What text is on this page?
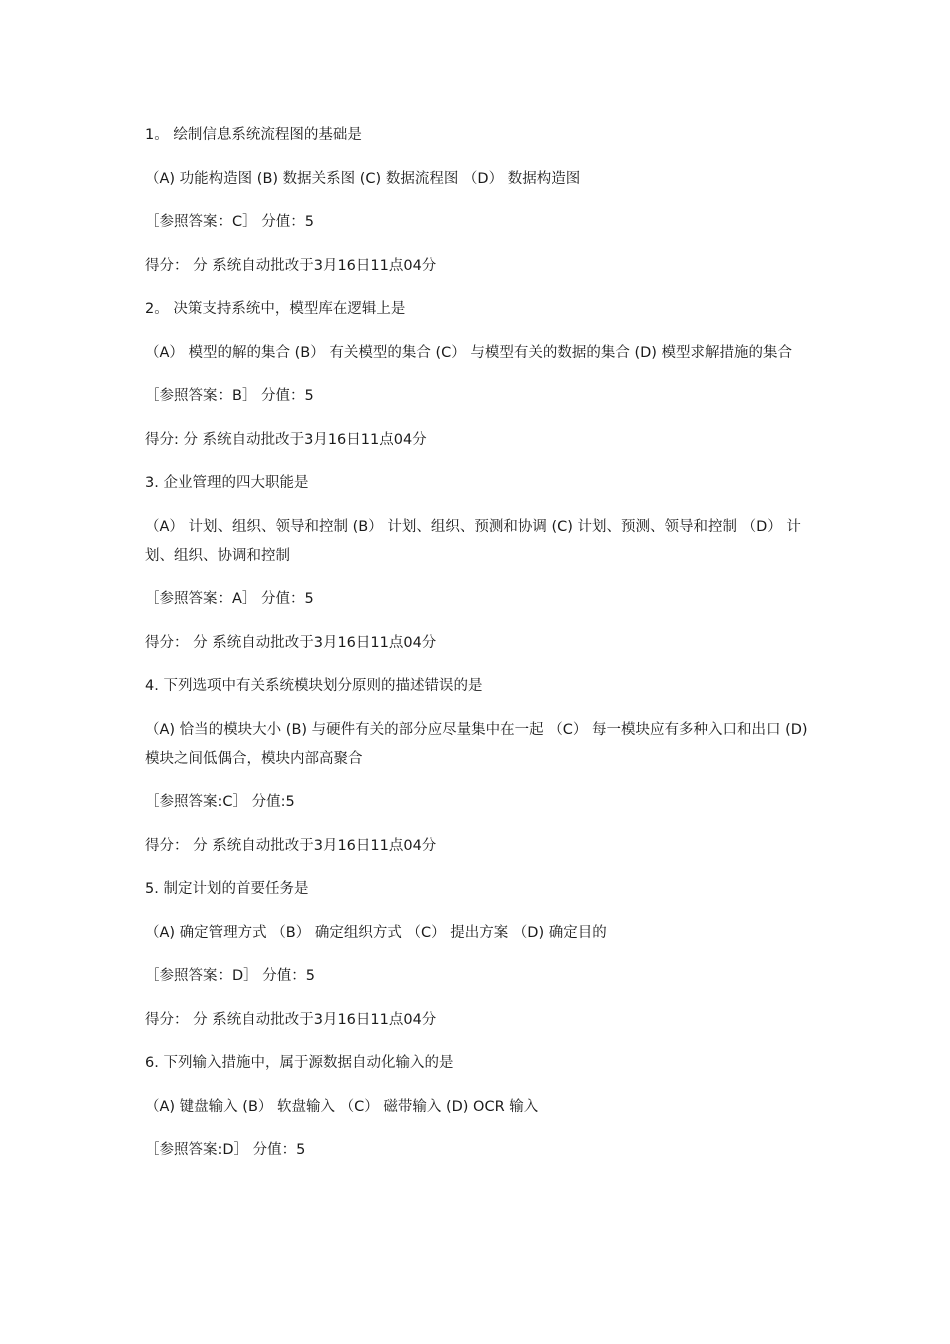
1。 绘制信息系统流程图的基础是

（A) 功能构造图 (B) 数据关系图 (C) 数据流程图 （D） 数据构造图

［参照答案：C］ 分值：5

得分： 分 系统自动批改于3月16日11点04分

2。 决策支持系统中，模型库在逻辑上是

（A） 模型的解的集合 (B） 有关模型的集合 (C） 与模型有关的数据的集合 (D) 模型求解措施的集合

［参照答案：B］ 分值：5

得分: 分 系统自动批改于3月16日11点04分

3. 企业管理的四大职能是

（A） 计划、组织、领导和控制 (B） 计划、组织、预测和协调 (C) 计划、预测、领导和控制 （D） 计划、组织、协调和控制

［参照答案：A］ 分值：5

得分： 分 系统自动批改于3月16日11点04分

4. 下列选项中有关系统模块划分原则的描述错误的是

（A) 恰当的模块大小 (B) 与硬件有关的部分应尽量集中在一起 （C） 每一模块应有多种入口和出口 (D) 模块之间低偶合，模块内部高聚合

［参照答案:C］ 分值:5

得分： 分 系统自动批改于3月16日11点04分

5. 制定计划的首要任务是

（A) 确定管理方式 （B） 确定组织方式 （C） 提出方案 （D) 确定目的

［参照答案：D］ 分值：5

得分： 分 系统自动批改于3月16日11点04分

6. 下列输入措施中，属于源数据自动化输入的是

（A) 键盘输入 (B） 软盘输入 （C） 磁带输入 (D) OCR 输入

［参照答案:D］ 分值：5
